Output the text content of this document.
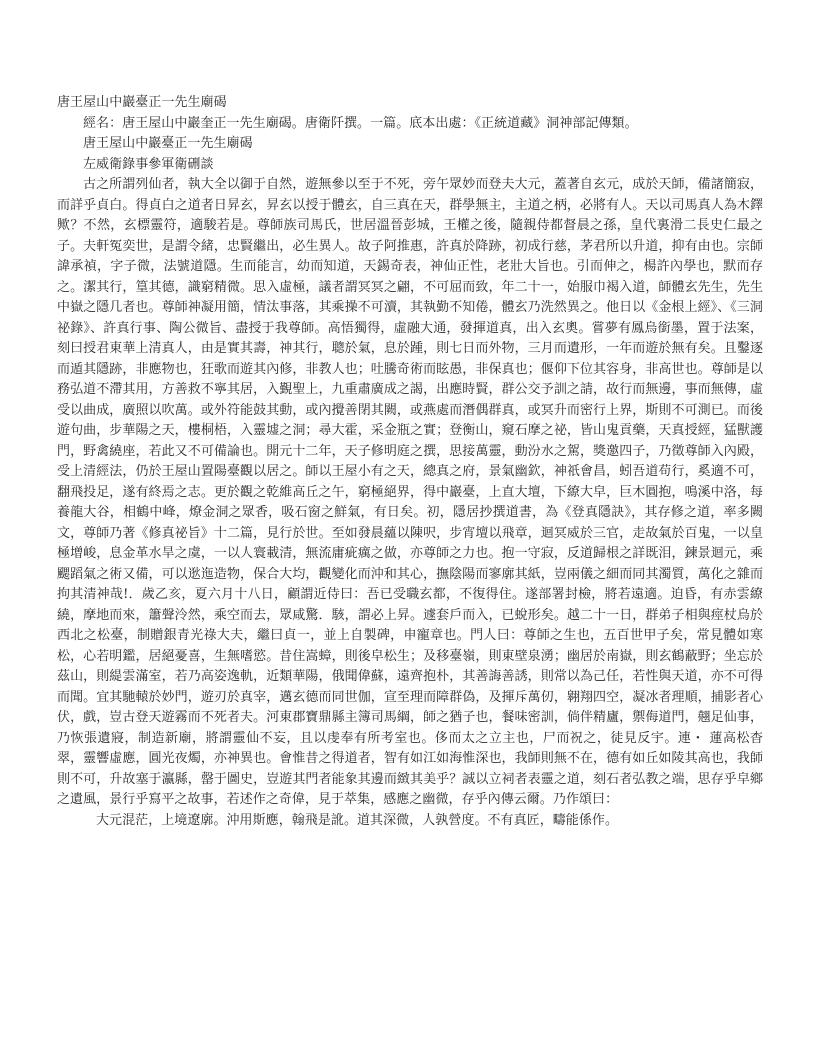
唐王屋山中巖臺正一先生廟碣
經名：唐王屋山中巖奎正一先生廟碣。唐衛阡撰。一篇。底本出處：《正統道藏》洞神部記傳類。
唐王屋山中巖臺正一先生廟碣
左威衛錄事參軍衛硎談
古之所謂列仙者，執大全以御于自然，遊無參以至于不死，旁午眾妙而登夫大元，蓋著自玄元，成於天師，備諸簡寂，而詳乎貞白。得貞白之道者日昇玄，昇玄以授于體玄，自三真在天，群學無主，主道之柄，必將有人。天以司馬真人為木鐸歟？不然，玄標靈符，適駿若是。尊師族司馬氏，世居溫晉彭城，王權之後，隨親侍都督晨之孫，皇代裏滑二長史仁最之子。夫軒冤奕世，是謂令緒，忠賢繼出，必生異人。故子阿推惠，許真於降跡，初成行慈，茅君所以升道，抑有由也。宗師諱承禎，字子微，法號道隱。生而能言，幼而知道，天錫奇表，神仙正性，老壯大旨也。引而伸之，楊許內學也，默而存之。潔其行，篁其德，識窮精微。思入虛極，議者謂冥冥之翩，不可屈而致，年二十一，始服巾褐入道，師體玄先生，先生中嶽之隱几者也。尊師神凝用簡，情汰事落，其乘操不可瀆，其執勤不知倦，體玄乃洗然異之。他日以《金根上經》、《三洞祕錄》、許真行事、陶公微旨、盡授于我尊師。高悟獨得，虛融大通，發揮道真，出入玄奧。嘗夢有鳳烏銜墨，置于法案，刻曰授君東華上清真人，由是實其壽，神其行，聰於氣，息於踵，則七日而外物，三月而遺形，一年而遊於無有矣。且鑿逐而遁其隱跡，非應物也，狂歌而遊其內修，非教人也；吐騰奇術而眩愚，非保真也；偃仰下位其容身，非高世也。尊師是以務弘道不滯其用，方善救不寧其居，入覲聖上，九重肅廣成之謁，出應時賢，群公交予訓之請，故行而無邊，事而無傳，虛受以曲成，廣照以吹萬。或外符能鼓其動，或內攪善閉其闕，或燕處而潛偶群真，或冥升而密行上界，斯則不可測已。而後遊句曲，步華陽之天，樓桐梧，入靈墟之洞；尋大霍，采金瓶之實；登衡山，窺石摩之祕，皆山鬼貢藥，天真授經，猛獸護門，野禽繞座，若此又不可備論也。開元十二年，天子修明庭之撰，思接萬靈，動汾水之駕，獎邀四子，乃徵尊師入內殿，受上清經法，仍於王屋山置陽臺觀以居之。師以王屋小有之天，總真之府，景氣幽欽，神祇會昌，蚓吾道苟行，奚適不可，翻飛投足，遂有終焉之志。更於觀之乾維高丘之午，窮極絕界，得中巖臺，上直大壇，下繚大皁，巨木圓抱，鳴溪中洛，每養龍大谷，相鶴中峰，燎金洞之眾香，吸石窗之鮮氣，有日矣。初，隱居抄撰道書，為《登真隱訣》，其存修之道，率多闕文，尊師乃著《修真祕旨》十二篇，見行於世。至如發晨蘊以陳呎，步宵壇以飛章，迴冥威於三官，走故氣於百鬼，一以皇極增峻，息金革水旱之虞，一以人寰載清，無流庸疵癘之做，亦尊師之力也。抱一守寂，反道歸根之詳既泪，鍊景迴元，乘颸蹈氣之術又備，可以逖迤造物，保合大均，觀變化而沖和其心，撫陰陽而寥廓其紙，豈兩儀之細而同其濁質，萬化之雜而拘其清神哉!．歲乙亥，夏六月十八日，顧謂近侍曰：吾已受職玄都，不復得住。遂部署封檢，將若遠適。迫昏，有赤雲繚繞，摩地而來，簫聲泠然，乘空而去，眾咸驚．駭，謂必上昇。遽套戶而入，已蛻形矣。越二十一日，群弟子相與痙杖烏於西北之松臺，制贈銀青光祿大夫，繼曰貞一，並上自製碑，申寵章也。門人曰：尊師之生也，五百世甲子矣，常見體如寒松，心若明鑑，居絕憂喜，生無嗜慾。昔住嵩蟑，則後皁松生；及移臺嶺，則東壁泉湧；幽居於南嶽，則玄鶴蔽野；坐忘於茲山，則緹雲滿室，若乃高姿逸軌，近類華陽，俄聞偉蘇，遠齊抱朴，其善誨善誘，則常以為己任，若性與天道，亦不可得而聞。宜其馳轅於妙門，遊刃於真宰，邁玄德而同世伽，宣至理而障群偽，及揮斥萬仞，翱翔四空，凝冰者理順，捕影者心伏，戲，豈古登天遊霧而不死者夫。河東郡寶鼎縣主簿司馬綱，師之猶子也，餐味密訓，倘伴精廬，禦侮道門，翹足仙事，乃恢張遺寢，制造新廟，將謂靈仙不妄，且以虔奉有所考室也。侈而太之立主也，尸而祝之，徒見反宇。連・ 蓮高松杳翠，靈響虛應，圓光夜燭，亦神異也。會惟昔之得道者，智有如江如海惟深也，我師則無不在，德有如丘如陵其高也，我師則不可，升故塞于瀛縣，罄于圖史，豈遊其門者能象其邊而緻其美乎？誠以立祠者表靈之道，刻石者弘教之端，思存乎皁鄉之遺風，景行乎寫平之故事，若述作之奇偉，見于萃集，感應之幽微，存乎內傳云爾。乃作頌曰：
大元混茫，上境遼廓。沖用斯應，翰飛是訛。道其深微，人孰營度。不有真匠，疇能係作。
